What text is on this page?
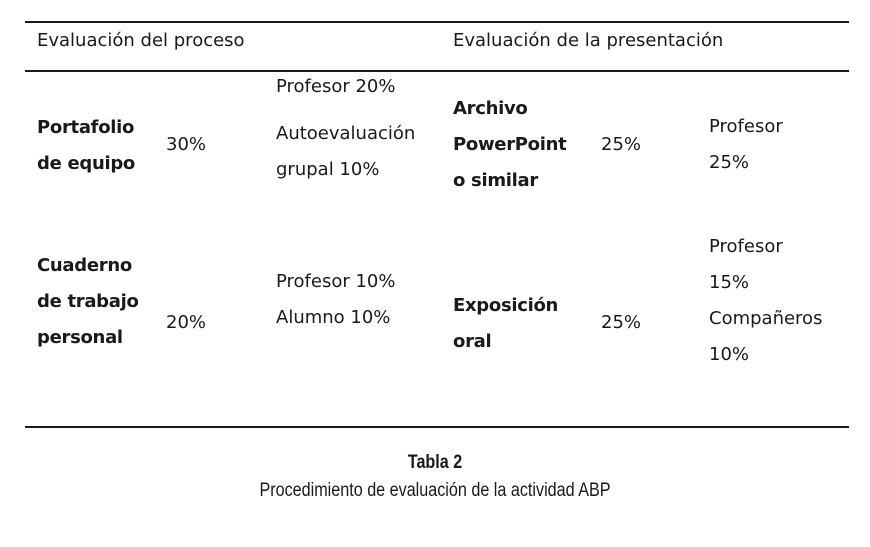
Evaluación del proceso	Evaluación de la presentación
Portafolio
de equipo
30%
Profesor 20%
Autoevaluación
grupal 10%
Archivo
PowerPoint
o similar
25%
Profesor
25%
Cuaderno
de trabajo
personal
20%
Profesor 10%
Alumno 10%
Exposición
oral
25%
Profesor
15%
Compañeros
10%
Tabla 2
Procedimiento de evaluación de la actividad ABP
